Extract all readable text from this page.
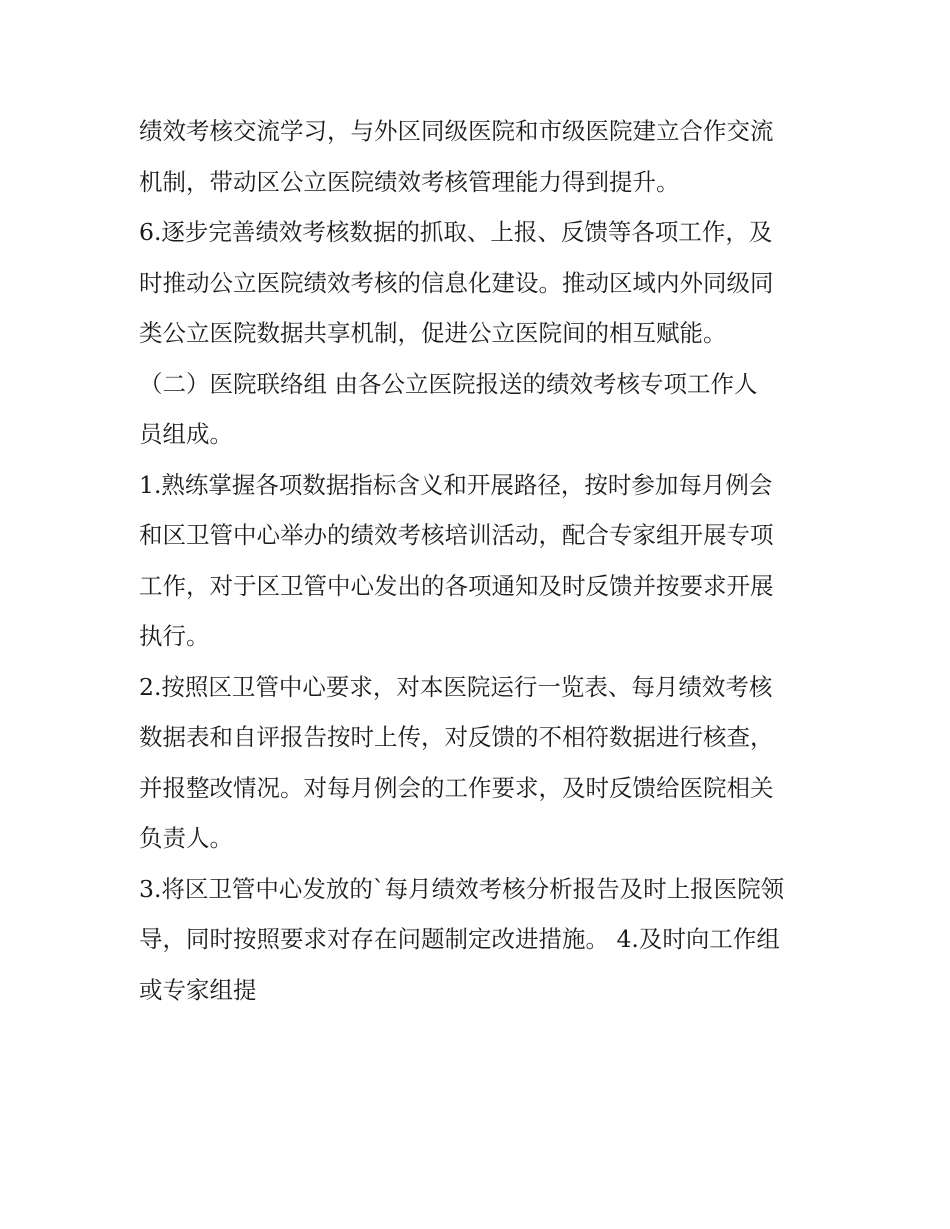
绩效考核交流学习，与外区同级医院和市级医院建立合作交流
机制，带动区公立医院绩效考核管理能力得到提升。
6.逐步完善绩效考核数据的抓取、上报、反馈等各项工作，及
时推动公立医院绩效考核的信息化建设。推动区域内外同级同
类公立医院数据共享机制，促进公立医院间的相互赋能。
（二）医院联络组 由各公立医院报送的绩效考核专项工作人
员组成。
1.熟练掌握各项数据指标含义和开展路径，按时参加每月例会
和区卫管中心举办的绩效考核培训活动，配合专家组开展专项
工作，对于区卫管中心发出的各项通知及时反馈并按要求开展
执行。
2.按照区卫管中心要求，对本医院运行一览表、每月绩效考核
数据表和自评报告按时上传，对反馈的不相符数据进行核查，
并报整改情况。对每月例会的工作要求，及时反馈给医院相关
负责人。
3.将区卫管中心发放的`每月绩效考核分析报告及时上报医院领
导，同时按照要求对存在问题制定改进措施。 4.及时向工作组
或专家组提
